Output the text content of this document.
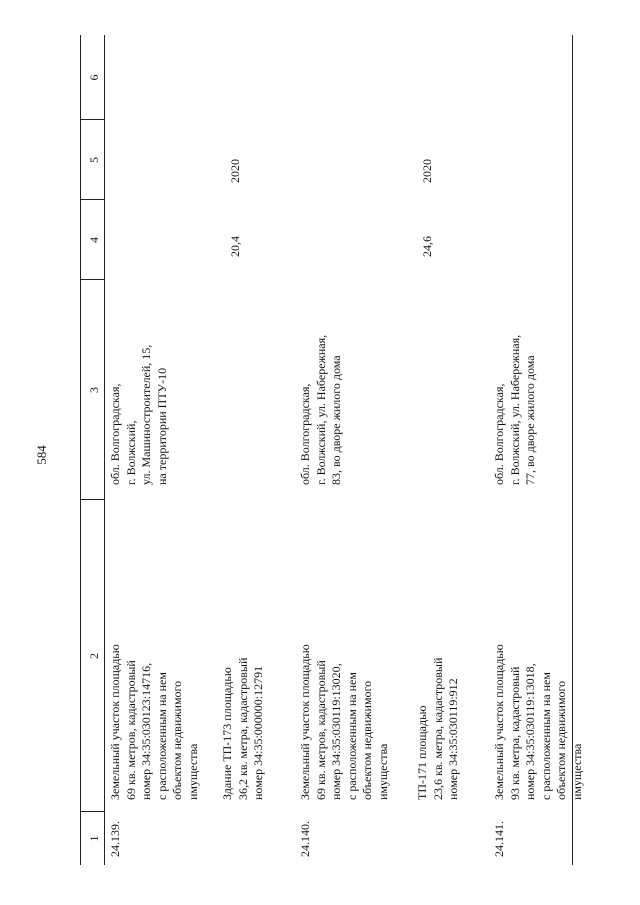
584
1
2
3
4
5
6
24.139.
Земельный участок площадью
69 кв. метров, кадастровый
номер 34:35:030123:14716,
с расположенным на нем
объектом недвижимого
имущества Здание ТП-173 площадью
36,2 кв. метра, кадастровый
номер 34:35:000000:12791
обл. Волгоградская,
г. Волжский,
ул. Машиностроителей, 15,
на территории ПТУ-10
20,4
2020
24.140.
Земельный участок площадью
69 кв. метров, кадастровый
номер 34:35:030119:13020,
с расположенным на нем
объектом недвижимого
имущества ТП-171 площадью
23,6 кв. метра, кадастровый
номер 34:35:030119:912
обл. Волгоградская,
г. Волжский, ул. Набережная,
83, во дворе жилого дома
24,6
2020
24.141.
Земельный участок площадью
93 кв. метра, кадастровый
номер 34:35:030119:13018,
с расположенным на нем
объектом недвижимого
имущества
обл. Волгоградская,
г. Волжский, ул. Набережная,
77, во дворе жилого дома
